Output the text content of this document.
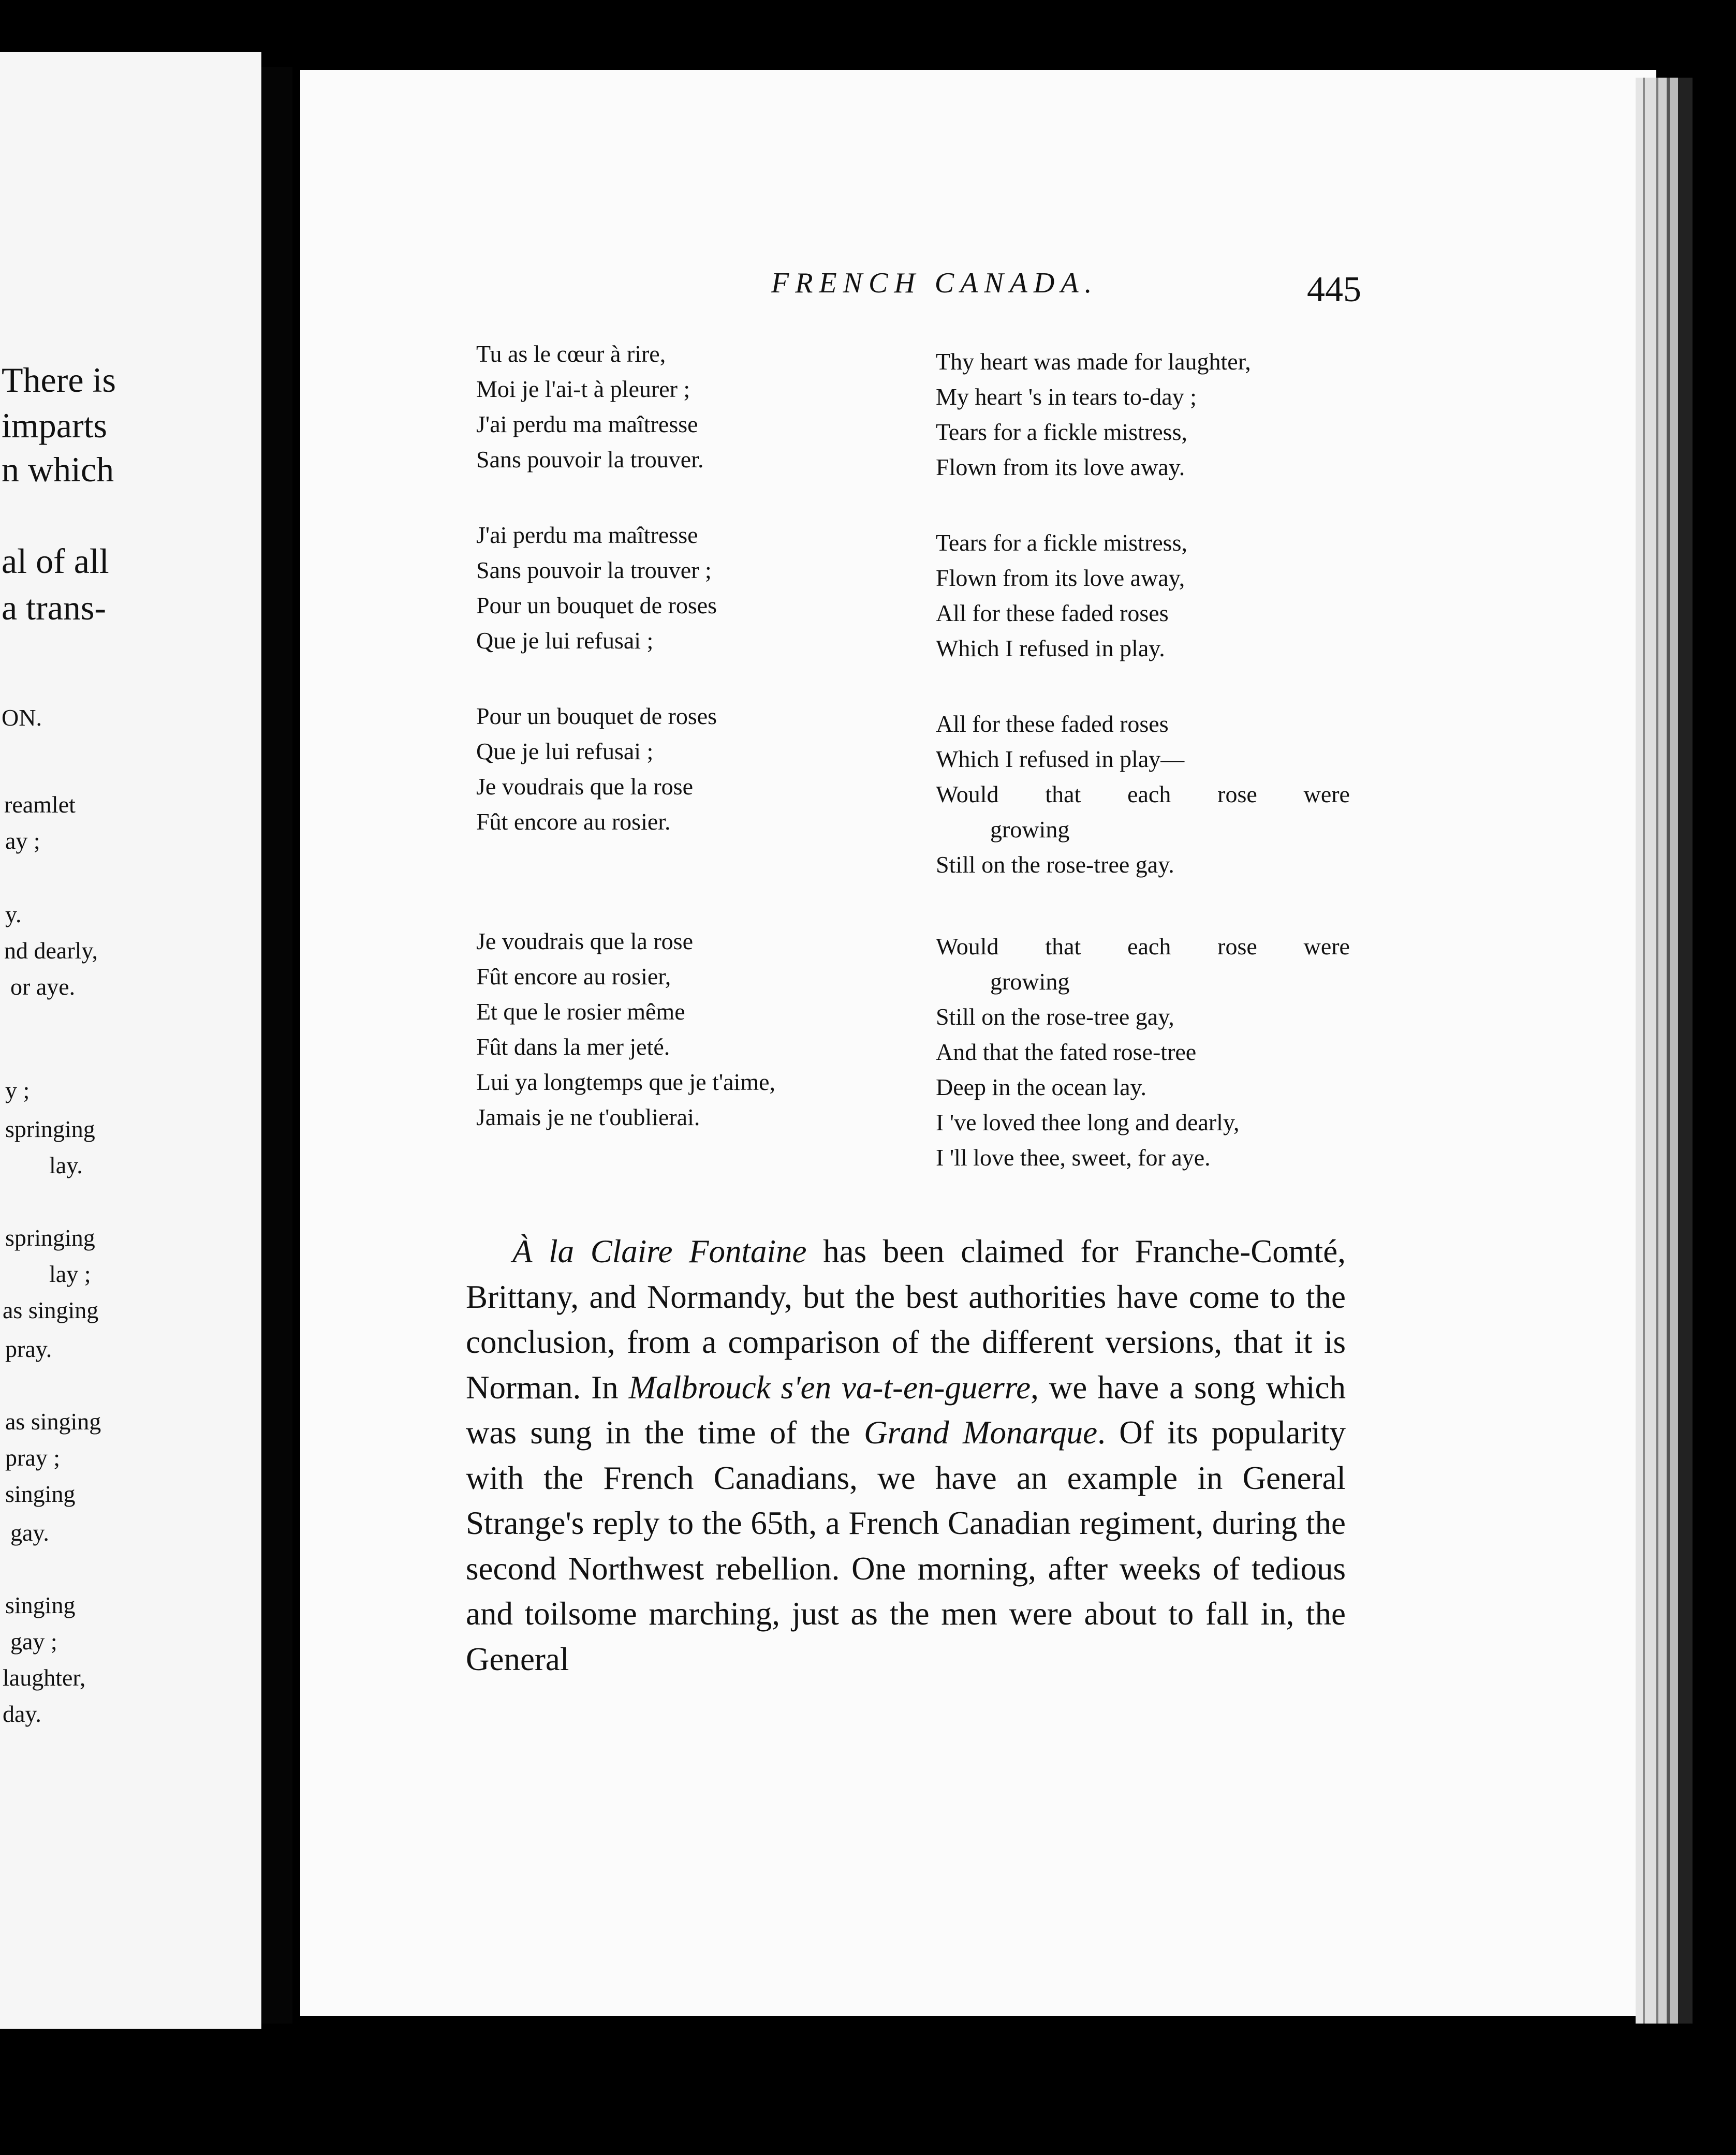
There is
imparts
n which
al of all
a trans-
ON.
reamlet
ay ;
y.
nd dearly,
or aye.
y ;
springing
lay.
springing
lay ;
as singing
pray.
as singing
pray ;
singing
gay.
singing
gay ;
laughter,
day.
FRENCH CANADA.	445
Tu as le cœur à rire,
Moi je l'ai-t à pleurer ;
J'ai perdu ma maîtresse
Sans pouvoir la trouver.
J'ai perdu ma maîtresse
Sans pouvoir la trouver ;
Pour un bouquet de roses
Que je lui refusai ;
Pour un bouquet de roses
Que je lui refusai ;
Je voudrais que la rose
Fût encore au rosier.
Je voudrais que la rose
Fût encore au rosier,
Et que le rosier même
Fût dans la mer jeté.
Lui ya longtemps que je t'aime,
Jamais je ne t'oublierai.
Thy heart was made for laughter,
My heart 's in tears to-day ;
Tears for a fickle mistress,
Flown from its love away.
Tears for a fickle mistress,
Flown from its love away,
All for these faded roses
Which I refused in play.
All for these faded roses
Which I refused in play—
Would that each rose were
growing
Still on the rose-tree gay.
Would that each rose were
growing
Still on the rose-tree gay,
And that the fated rose-tree
Deep in the ocean lay.
I 've loved thee long and dearly,
I 'll love thee, sweet, for aye.

À la Claire Fontaine has been claimed for Franche-Comté, Brittany, and Normandy, but the best authorities have come to the conclusion, from a comparison of the different versions, that it is Norman. In Malbrouck s'en va-t-en-guerre, we have a song which was sung in the time of the Grand Monarque. Of its popularity with the French Canadians, we have an example in General Strange's reply to the 65th, a French Canadian regiment, during the second Northwest rebellion. One morning, after weeks of tedious and toilsome marching, just as the men were about to fall in, the General
